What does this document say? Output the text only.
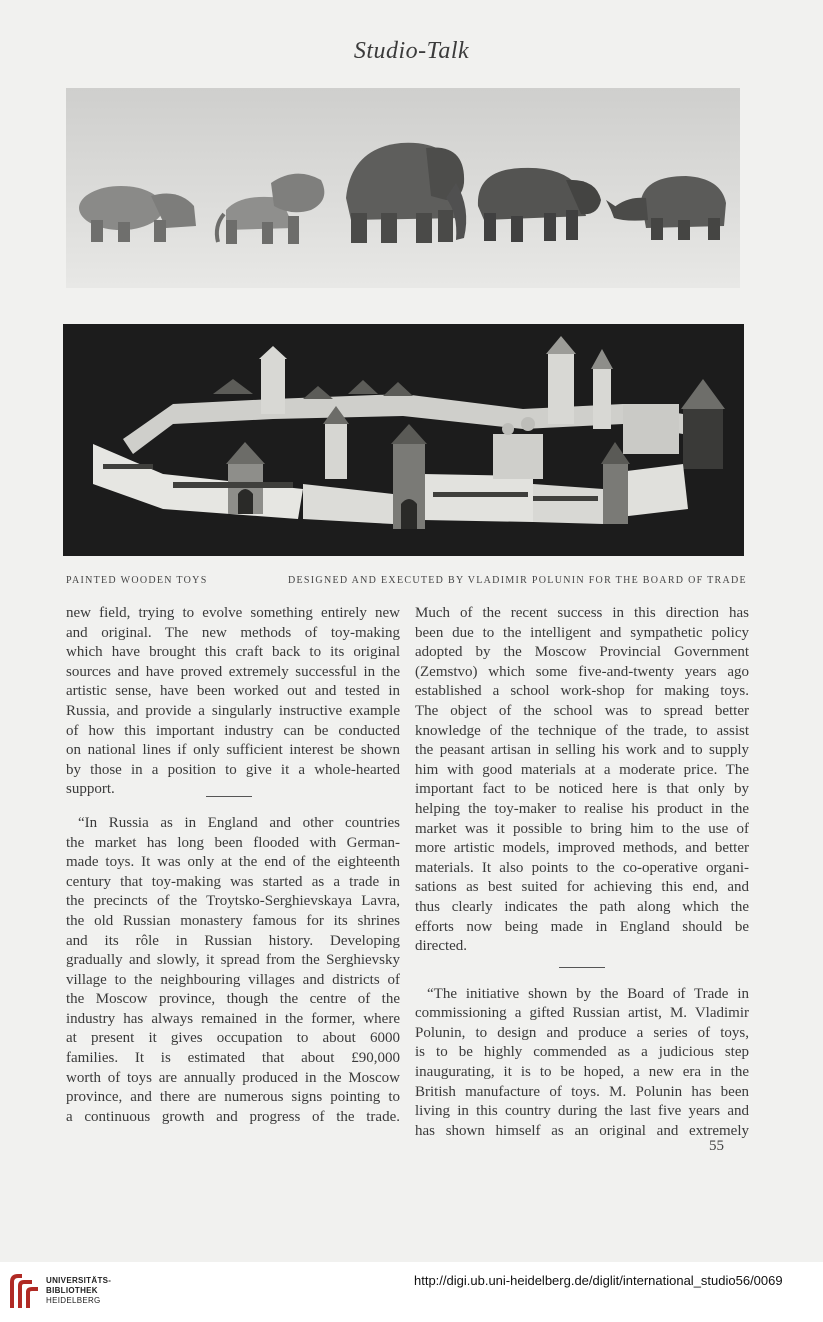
Studio-Talk
PAINTED WOODEN TOYS	DESIGNED AND EXECUTED BY VLADIMIR POLUNIN FOR THE BOARD OF TRADE

new field, trying to evolve something entirely new
and original. The new methods of toy-making
which have brought this craft back to its original
sources and have proved extremely successful in the
artistic sense, have been worked out and tested in
Russia, and provide a singularly instructive example
of how this important industry can be conducted
on national lines if only sufficient interest be shown
by those in a position to give it a whole-hearted
support.

“In Russia as in England and other countries
the market has long been flooded with German-
made toys. It was only at the end of the eighteenth
century that toy-making was started as a trade in
the precincts of the Troytsko-Serghievskaya Lavra,
the old Russian monastery famous for its shrines
and its rôle in Russian history. Developing
gradually and slowly, it spread from the Serghievsky
village to the neighbouring villages and districts of
the Moscow province, though the centre of the
industry has always remained in the former, where
at present it gives occupation to about 6000
families. It is estimated that about £90,000
worth of toys are annually produced in the Moscow
province, and there are numerous signs pointing to
a continuous growth and progress of the trade.

Much of the recent success in this direction has
been due to the intelligent and sympathetic policy
adopted by the Moscow Provincial Government
(Zemstvo) which some five-and-twenty years ago
established a school work-shop for making toys.
The object of the school was to spread better
knowledge of the technique of the trade, to assist
the peasant artisan in selling his work and to supply
him with good materials at a moderate price. The
important fact to be noticed here is that only by
helping the toy-maker to realise his product in the
market was it possible to bring him to the use of
more artistic models, improved methods, and better
materials. It also points to the co-operative organi-
sations as best suited for achieving this end, and
thus clearly indicates the path along which the
efforts now being made in England should be
directed.

“The initiative shown by the Board of Trade in
commissioning a gifted Russian artist, M. Vladimir
Polunin, to design and produce a series of toys,
is to be highly commended as a judicious step
inaugurating, it is to be hoped, a new era in the
British manufacture of toys. M. Polunin has been
living in this country during the last five years and
has shown himself as an original and extremely

55
UNIVERSITÄTS-
BIBLIOTHEK
HEIDELBERG
http://digi.ub.uni-heidelberg.de/diglit/international_studio56/0069
